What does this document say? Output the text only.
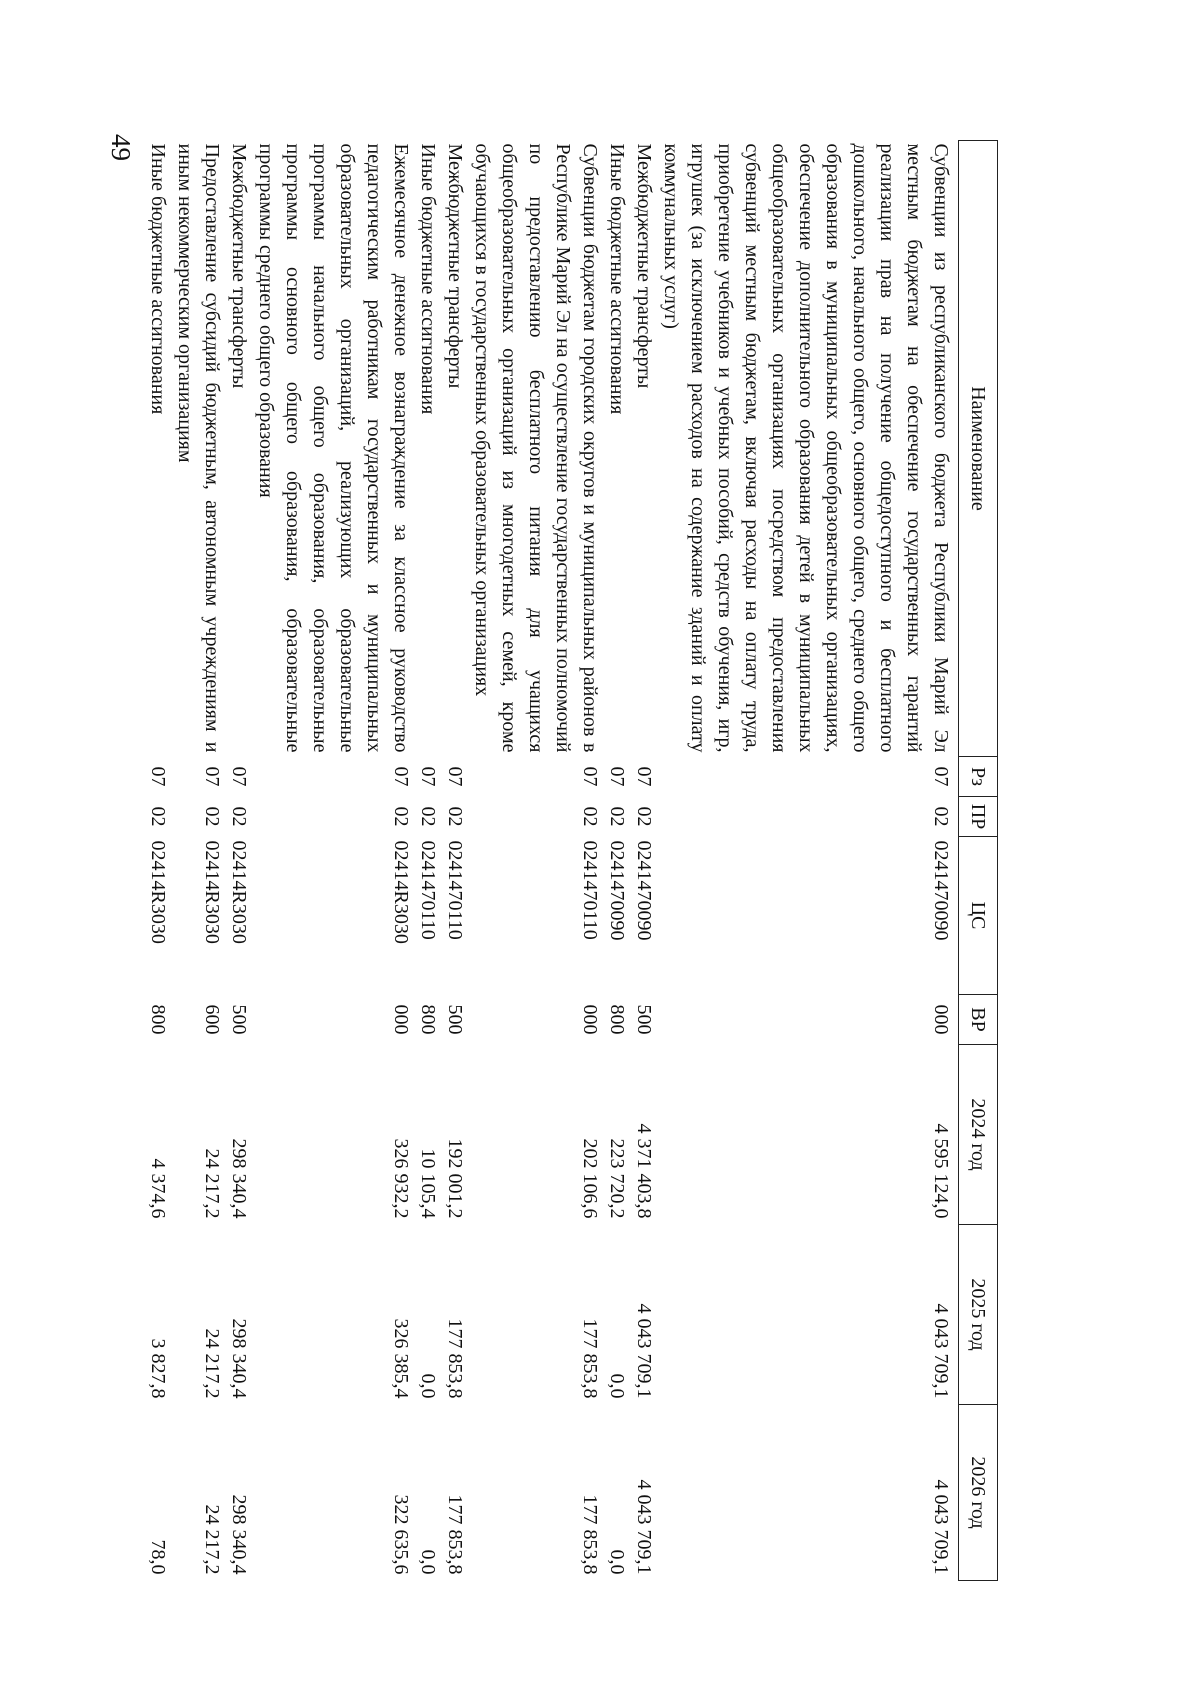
49
Наименование	Рз	ПР	ЦС	ВР	2024 год	2025 год	2026 год
Субвенции из республиканского бюджета Республики Марий Эл местным бюджетам на обеспечение государственных гарантий реализации прав на получение общедоступного и бесплатного дошкольного, начального общего, основного общего, среднего общего образования в муниципальных общеобразовательных организациях, обеспечение дополнительного образования детей в муниципальных общеобразовательных организациях посредством предоставления субвенций местным бюджетам, включая расходы на оплату труда, приобретение учебников и учебных пособий, средств обучения, игр, игрушек (за исключением расходов на содержание зданий и оплату коммунальных услуг)	07	02	0241470090	000	4 595 124,0	4 043 709,1	4 043 709,1
Межбюджетные трансферты	07	02	0241470090	500	4 371 403,8	4 043 709,1	4 043 709,1
Иные бюджетные ассигнования	07	02	0241470090	800	223 720,2	0,0	0,0
Субвенции бюджетам городских округов и муниципальных районов в Республике Марий Эл на осуществление государственных полномочий по предоставлению бесплатного питания для учащихся общеобразовательных организаций из многодетных семей, кроме обучающихся в государственных образовательных организациях	07	02	0241470110	000	202 106,6	177 853,8	177 853,8
Межбюджетные трансферты	07	02	0241470110	500	192 001,2	177 853,8	177 853,8
Иные бюджетные ассигнования	07	02	0241470110	800	10 105,4	0,0	0,0
Ежемесячное денежное вознаграждение за классное руководство педагогическим работникам государственных и муниципальных образовательных организаций, реализующих образовательные программы начального общего образования, образовательные программы основного общего образования, образовательные программы среднего общего образования	07	02	02414R3030	000	326 932,2	326 385,4	322 635,6
Межбюджетные трансферты	07	02	02414R3030	500	298 340,4	298 340,4	298 340,4
Предоставление субсидий бюджетным, автономным учреждениям и иным некоммерческим организациям	07	02	02414R3030	600	24 217,2	24 217,2	24 217,2
Иные бюджетные ассигнования	07	02	02414R3030	800	4 374,6	3 827,8	78,0
